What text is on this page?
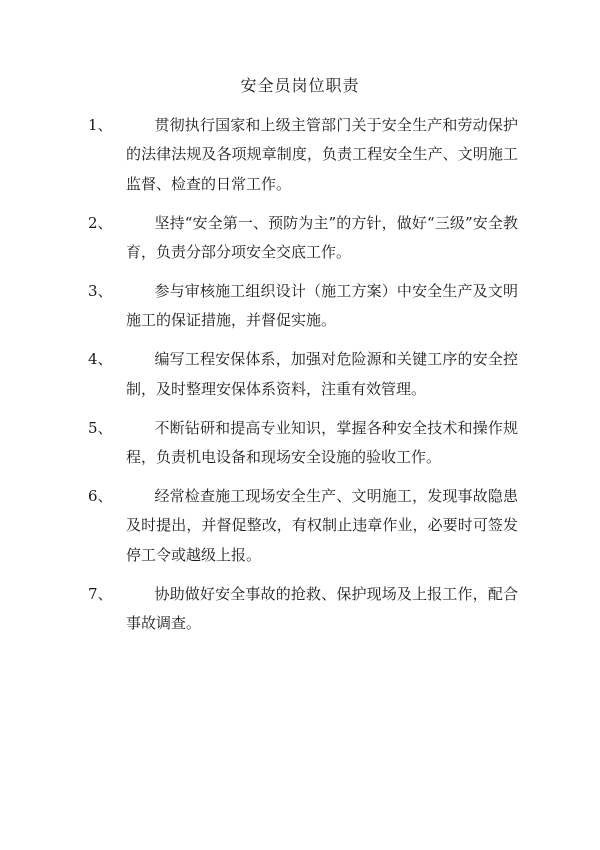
安全员岗位职责
1、	贯彻执行国家和上级主管部门关于安全生产和劳动保护的法律法规及各项规章制度，负责工程安全生产、文明施工监督、检查的日常工作。
2、	坚持“安全第一、预防为主”的方针，做好“三级”安全教育，负责分部分项安全交底工作。
3、	参与审核施工组织设计（施工方案）中安全生产及文明施工的保证措施，并督促实施。
4、	编写工程安保体系，加强对危险源和关键工序的安全控制，及时整理安保体系资料，注重有效管理。
5、	不断钻研和提高专业知识，掌握各种安全技术和操作规程，负责机电设备和现场安全设施的验收工作。
6、	经常检查施工现场安全生产、文明施工，发现事故隐患及时提出，并督促整改，有权制止违章作业，必要时可签发停工令或越级上报。
7、	协助做好安全事故的抢救、保护现场及上报工作，配合事故调查。
